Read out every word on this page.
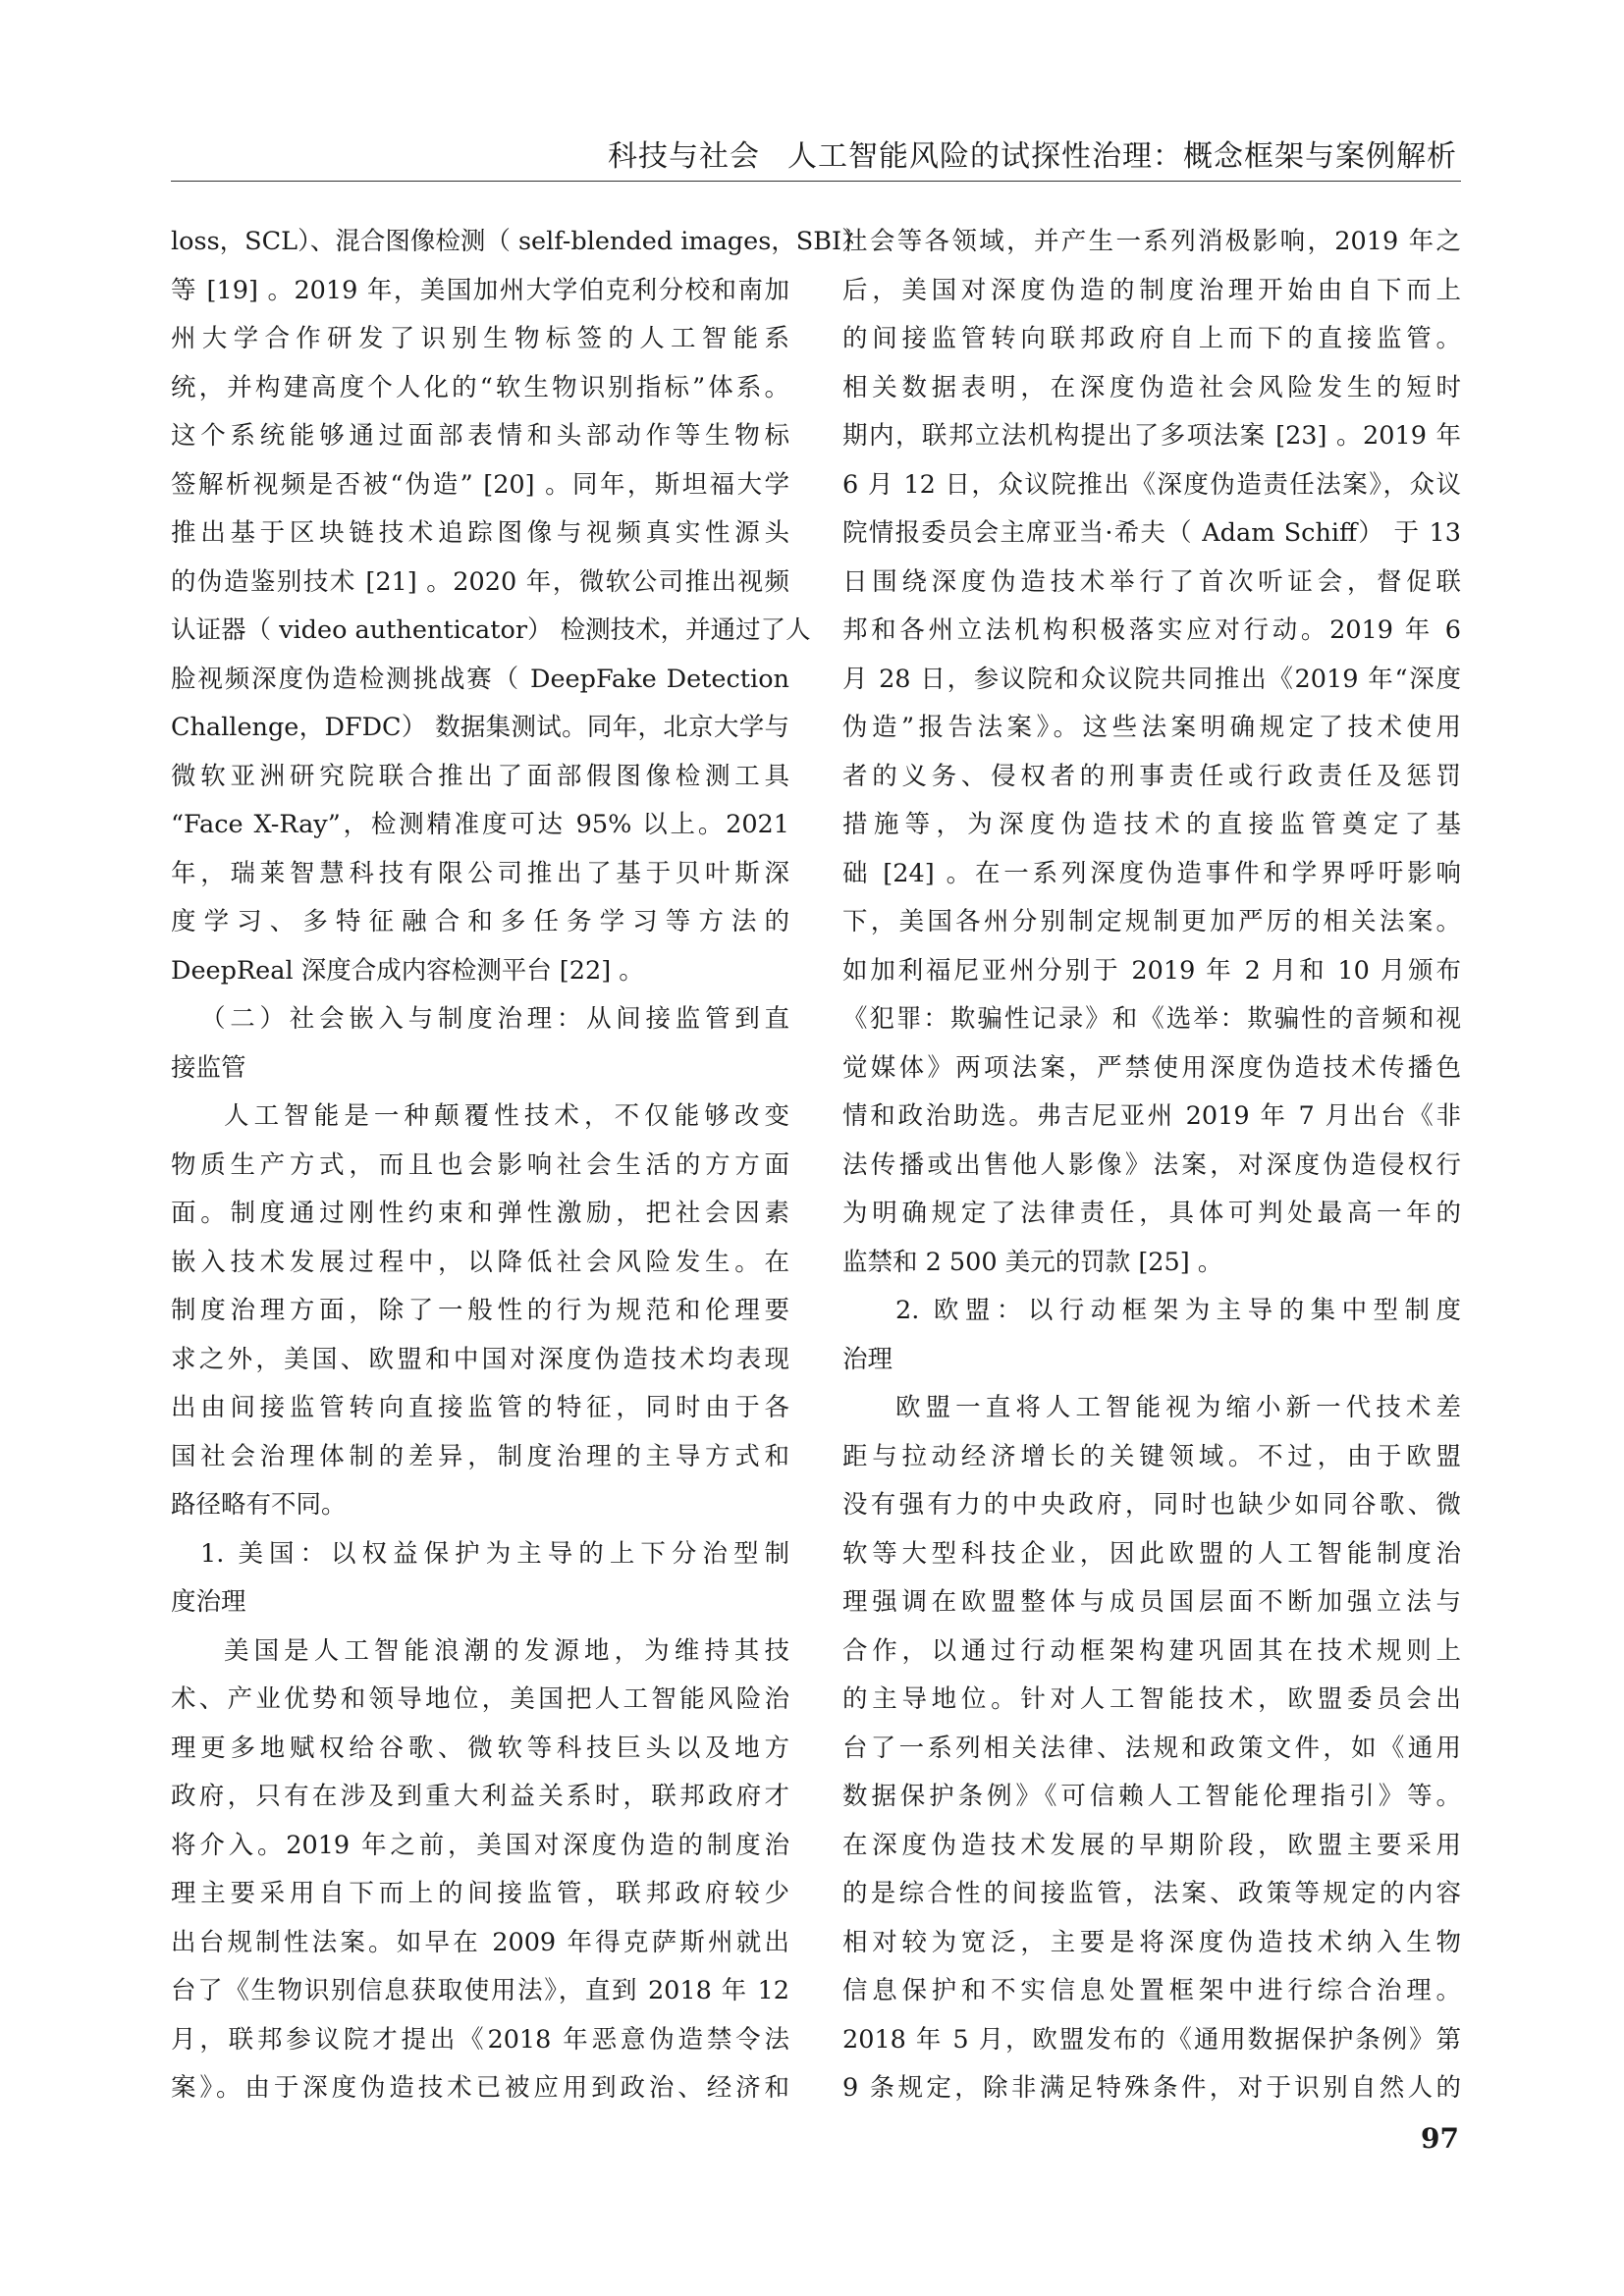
科技与社会 人工智能风险的试探性治理：概念框架与案例解析
loss，SCL）、混合图像检测（ self-blended images，SBI）
等 [19] 。2019 年，美国加州大学伯克利分校和南加
州大学合作研发了识别生物标签的人工智能系
统，并构建高度个人化的“软生物识别指标”体系。
这个系统能够通过面部表情和头部动作等生物标
签解析视频是否被“伪造” [20] 。同年，斯坦福大学
推出基于区块链技术追踪图像与视频真实性源头
的伪造鉴别技术 [21] 。2020 年，微软公司推出视频
认证器（ video authenticator） 检测技术，并通过了人
脸视频深度伪造检测挑战赛（ DeepFake Detection
Challenge，DFDC） 数据集测试。同年，北京大学与
微软亚洲研究院联合推出了面部假图像检测工具
“Face X-Ray”，检测精准度可达 95% 以上。2021
年，瑞莱智慧科技有限公司推出了基于贝叶斯深
度学习、多特征融合和多任务学习等方法的
DeepReal 深度合成内容检测平台 [22] 。
（二）社会嵌入与制度治理：从间接监管到直
接监管
人工智能是一种颠覆性技术，不仅能够改变
物质生产方式，而且也会影响社会生活的方方面
面。制度通过刚性约束和弹性激励，把社会因素
嵌入技术发展过程中，以降低社会风险发生。在
制度治理方面，除了一般性的行为规范和伦理要
求之外，美国、欧盟和中国对深度伪造技术均表现
出由间接监管转向直接监管的特征，同时由于各
国社会治理体制的差异，制度治理的主导方式和
路径略有不同。
1. 美国：以权益保护为主导的上下分治型制
度治理
美国是人工智能浪潮的发源地，为维持其技
术、产业优势和领导地位，美国把人工智能风险治
理更多地赋权给谷歌、微软等科技巨头以及地方
政府，只有在涉及到重大利益关系时，联邦政府才
将介入。2019 年之前，美国对深度伪造的制度治
理主要采用自下而上的间接监管，联邦政府较少
出台规制性法案。如早在 2009 年得克萨斯州就出
台了《生物识别信息获取使用法》，直到 2018 年 12
月，联邦参议院才提出《2018 年恶意伪造禁令法
案》。由于深度伪造技术已被应用到政治、经济和
社会等各领域，并产生一系列消极影响，2019 年之
后，美国对深度伪造的制度治理开始由自下而上
的间接监管转向联邦政府自上而下的直接监管。
相关数据表明，在深度伪造社会风险发生的短时
期内，联邦立法机构提出了多项法案 [23] 。2019 年
6 月 12 日，众议院推出《深度伪造责任法案》，众议
院情报委员会主席亚当·希夫（ Adam Schiff） 于 13
日围绕深度伪造技术举行了首次听证会，督促联
邦和各州立法机构积极落实应对行动。2019 年 6
月 28 日，参议院和众议院共同推出《2019 年“深度
伪造”报告法案》。这些法案明确规定了技术使用
者的义务、侵权者的刑事责任或行政责任及惩罚
措施等，为深度伪造技术的直接监管奠定了基
础 [24] 。在一系列深度伪造事件和学界呼吁影响
下，美国各州分别制定规制更加严厉的相关法案。
如加利福尼亚州分别于 2019 年 2 月和 10 月颁布
《犯罪：欺骗性记录》和《选举：欺骗性的音频和视
觉媒体》两项法案，严禁使用深度伪造技术传播色
情和政治助选。弗吉尼亚州 2019 年 7 月出台《非
法传播或出售他人影像》法案，对深度伪造侵权行
为明确规定了法律责任，具体可判处最高一年的
监禁和 2 500 美元的罚款 [25] 。
2. 欧盟：以行动框架为主导的集中型制度
治理
欧盟一直将人工智能视为缩小新一代技术差
距与拉动经济增长的关键领域。不过，由于欧盟
没有强有力的中央政府，同时也缺少如同谷歌、微
软等大型科技企业，因此欧盟的人工智能制度治
理强调在欧盟整体与成员国层面不断加强立法与
合作，以通过行动框架构建巩固其在技术规则上
的主导地位。针对人工智能技术，欧盟委员会出
台了一系列相关法律、法规和政策文件，如《通用
数据保护条例》《可信赖人工智能伦理指引》等。
在深度伪造技术发展的早期阶段，欧盟主要采用
的是综合性的间接监管，法案、政策等规定的内容
相对较为宽泛，主要是将深度伪造技术纳入生物
信息保护和不实信息处置框架中进行综合治理。
2018 年 5 月，欧盟发布的《通用数据保护条例》第
9 条规定，除非满足特殊条件，对于识别自然人的
97
